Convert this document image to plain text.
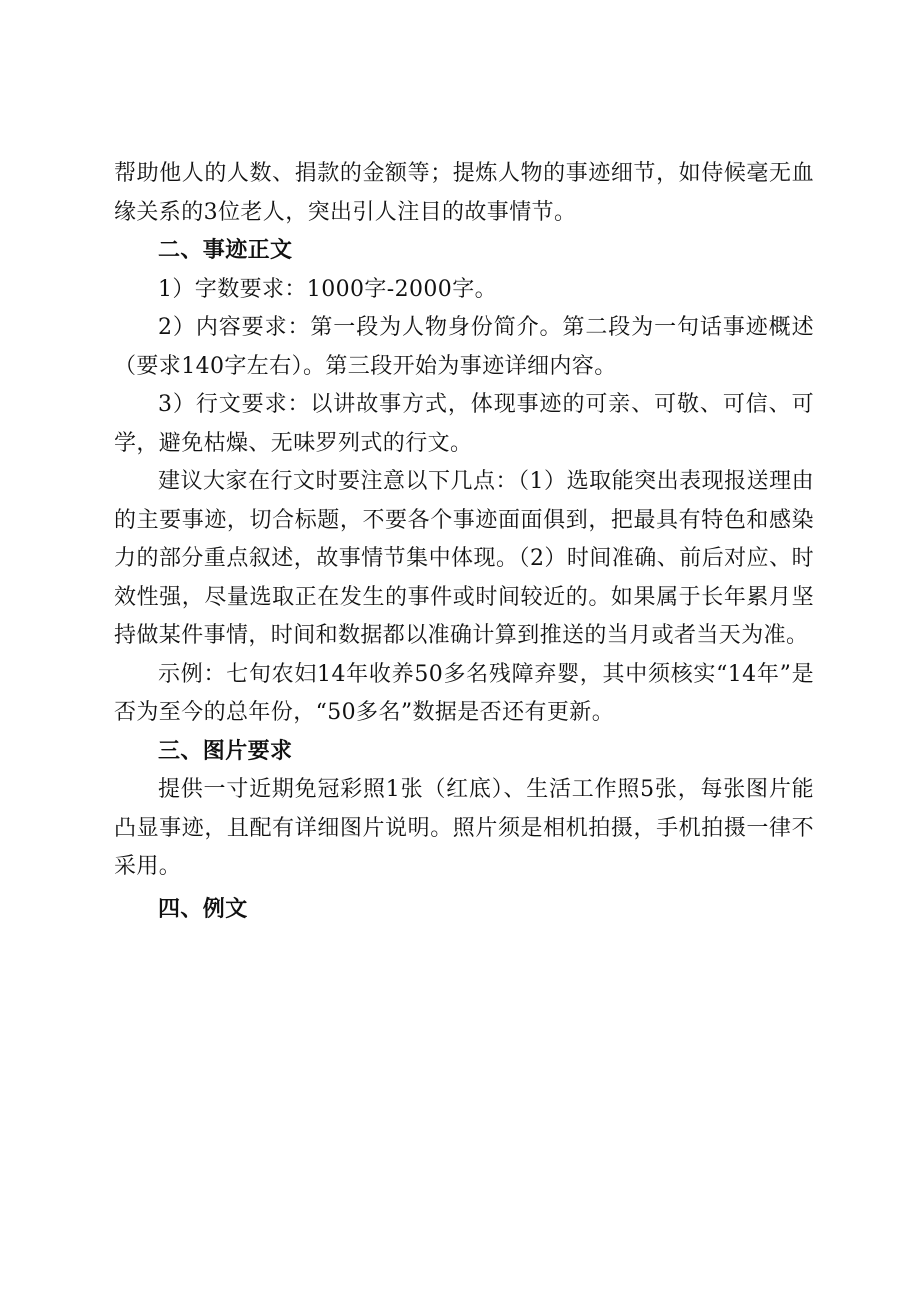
帮助他人的人数、捐款的金额等；提炼人物的事迹细节，如侍候毫无血缘关系的3位老人，突出引人注目的故事情节。

二、事迹正文

1）字数要求：1000字-2000字。

2）内容要求：第一段为人物身份简介。第二段为一句话事迹概述（要求140字左右）。第三段开始为事迹详细内容。

3）行文要求：以讲故事方式，体现事迹的可亲、可敬、可信、可学，避免枯燥、无味罗列式的行文。

建议大家在行文时要注意以下几点：（1）选取能突出表现报送理由的主要事迹，切合标题，不要各个事迹面面俱到，把最具有特色和感染力的部分重点叙述，故事情节集中体现。（2）时间准确、前后对应、时效性强，尽量选取正在发生的事件或时间较近的。如果属于长年累月坚持做某件事情，时间和数据都以准确计算到推送的当月或者当天为准。

示例：七旬农妇14年收养50多名残障弃婴，其中须核实“14年”是否为至今的总年份，“50多名”数据是否还有更新。

三、图片要求

提供一寸近期免冠彩照1张（红底）、生活工作照5张，每张图片能凸显事迹，且配有详细图片说明。照片须是相机拍摄，手机拍摄一律不采用。

四、例文
